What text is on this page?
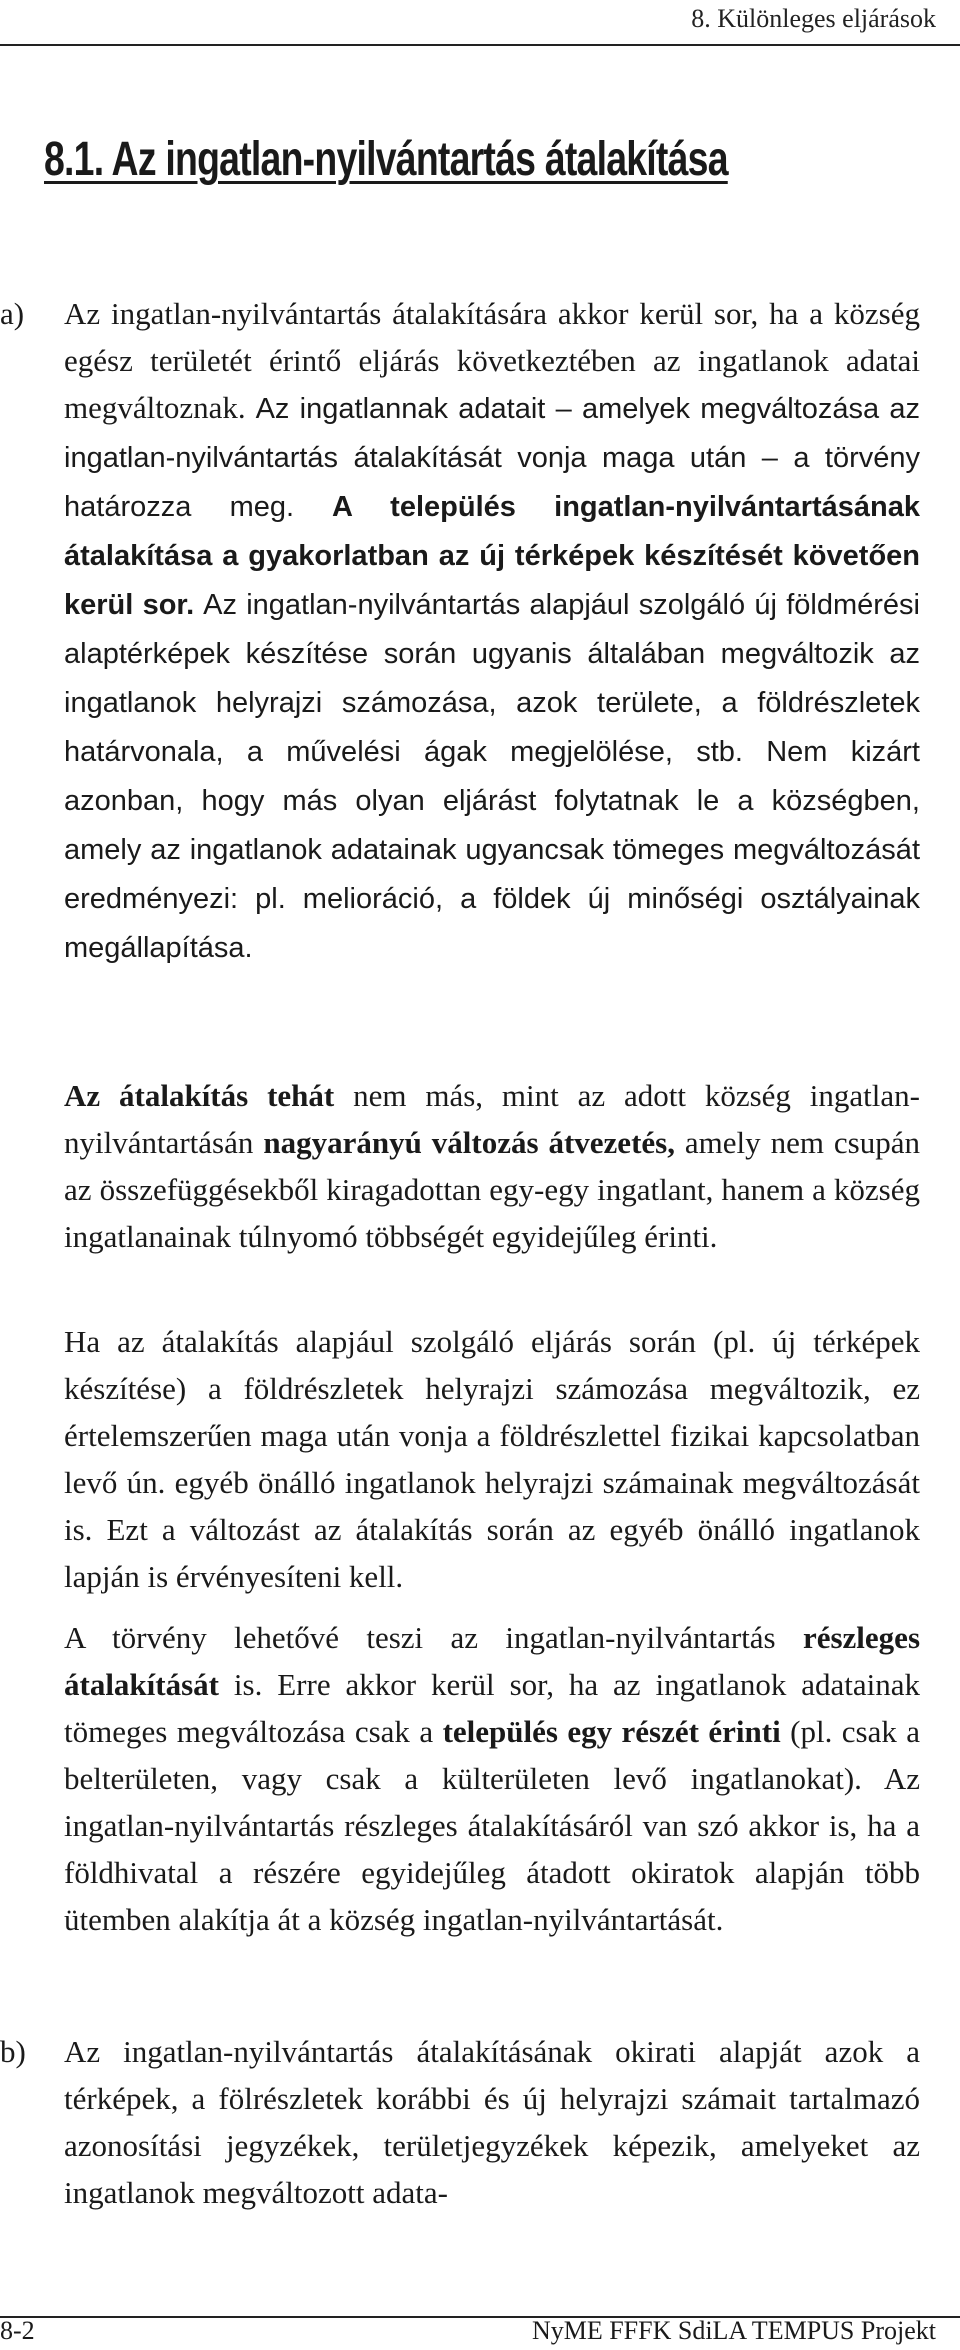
8. Különleges eljárások
8.1. Az ingatlan-nyilvántartás átalakítása
a) Az ingatlan-nyilvántartás átalakítására akkor kerül sor, ha a község egész területét érintő eljárás következtében az ingatlanok adatai megváltoznak. Az ingatlannak adatait – amelyek megváltozása az ingatlan-nyilvántartás átalakítását vonja maga után – a törvény határozza meg. A település ingatlan-nyilvántartásának átalakítása a gyakorlatban az új térképek készítését követően kerül sor. Az ingatlan-nyilvántartás alapjául szolgáló új földmérési alaptérképek készítése során ugyanis általában megváltozik az ingatlanok helyrajzi számozása, azok területe, a földrészletek határvonala, a művelési ágak megjelölése, stb. Nem kizárt azonban, hogy más olyan eljárást folytatnak le a községben, amely az ingatlanok adatainak ugyancsak tömeges megváltozását eredményezi: pl. melioráció, a földek új minőségi osztályainak megállapítása.

Az átalakítás tehát nem más, mint az adott község ingatlan-nyilvántartásán nagyarányú változás átvezetés, amely nem csupán az összefüggésekből kiragadottan egy-egy ingatlant, hanem a község ingatlanainak túlnyomó többségét egyidejűleg érinti.

Ha az átalakítás alapjául szolgáló eljárás során (pl. új térképek készítése) a földrészletek helyrajzi számozása megváltozik, ez értelemszerűen maga után vonja a földrészlettel fizikai kapcsolatban levő ún. egyéb önálló ingatlanok helyrajzi számainak megváltozását is. Ezt a változást az átalakítás során az egyéb önálló ingatlanok lapján is érvényesíteni kell.

A törvény lehetővé teszi az ingatlan-nyilvántartás részleges átalakítását is. Erre akkor kerül sor, ha az ingatlanok adatainak tömeges megváltozása csak a település egy részét érinti (pl. csak a belterületen, vagy csak a külterületen levő ingatlanokat). Az ingatlan-nyilvántartás részleges átalakításáról van szó akkor is, ha a földhivatal a részére egyidejűleg átadott okiratok alapján több ütemben alakítja át a község ingatlan-nyilvántartását.

b) Az ingatlan-nyilvántartás átalakításának okirati alapját azok a térképek, a fölrészletek korábbi és új helyrajzi számait tartalmazó azonosítási jegyzékek, területjegyzékek képezik, amelyeket az ingatlanok megváltozott adata-

8-2	NyME FFFK SdiLA TEMPUS Projekt
